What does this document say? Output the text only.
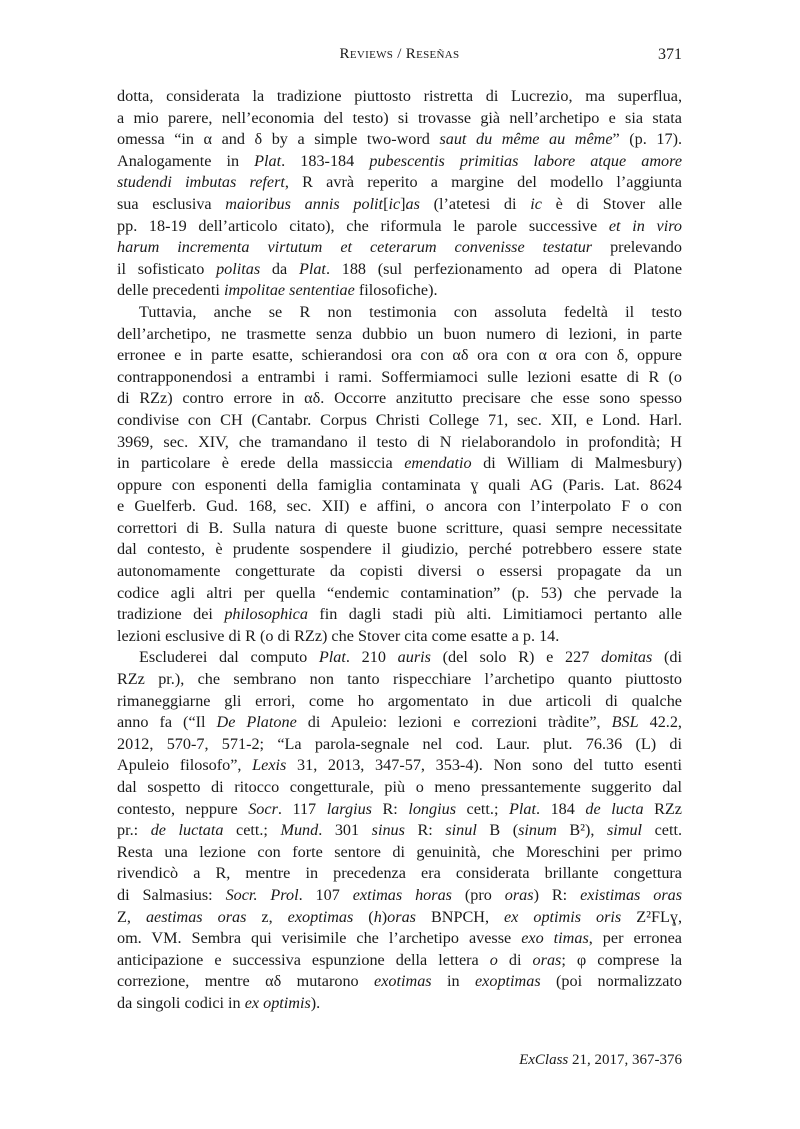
Reviews / Reseñas	371
dotta, considerata la tradizione piuttosto ristretta di Lucrezio, ma superflua,
a mio parere, nell’economia del testo) si trovasse già nell’archetipo e sia stata
omessa “in α and δ by a simple two-word saut du même au même” (p. 17).
Analogamente in Plat. 183-184 pubescentis primitias labore atque amore
studendi imbutas refert, R avrà reperito a margine del modello l’aggiunta
sua esclusiva maioribus annis polit[ic]as (l’atetesi di ic è di Stover alle
pp. 18-19 dell’articolo citato), che riformula le parole successive et in viro
harum incrementa virtutum et ceterarum convenisse testatur prelevando
il sofisticato politas da Plat. 188 (sul perfezionamento ad opera di Platone
delle precedenti impolitae sententiae filosofiche).
Tuttavia, anche se R non testimonia con assoluta fedeltà il testo
dell’archetipo, ne trasmette senza dubbio un buon numero di lezioni, in parte
erronee e in parte esatte, schierandosi ora con αδ ora con α ora con δ, oppure
contrapponendosi a entrambi i rami. Soffermiamoci sulle lezioni esatte di R (o
di RZz) contro errore in αδ. Occorre anzitutto precisare che esse sono spesso
condivise con CH (Cantabr. Corpus Christi College 71, sec. XII, e Lond. Harl.
3969, sec. XIV, che tramandano il testo di N rielaborandolo in profondità; H
in particolare è erede della massiccia emendatio di William di Malmesbury)
oppure con esponenti della famiglia contaminata ɣ quali AG (Paris. Lat. 8624
e Guelferb. Gud. 168, sec. XII) e affini, o ancora con l’interpolato F o con
correttori di B. Sulla natura di queste buone scritture, quasi sempre necessitate
dal contesto, è prudente sospendere il giudizio, perché potrebbero essere state
autonomamente congetturate da copisti diversi o essersi propagate da un
codice agli altri per quella “endemic contamination” (p. 53) che pervade la
tradizione dei philosophica fin dagli stadi più alti. Limitiamoci pertanto alle
lezioni esclusive di R (o di RZz) che Stover cita come esatte a p. 14.
Escluderei dal computo Plat. 210 auris (del solo R) e 227 domitas (di
RZz pr.), che sembrano non tanto rispecchiare l’archetipo quanto piuttosto
rimaneggiarne gli errori, come ho argomentato in due articoli di qualche
anno fa (“Il De Platone di Apuleio: lezioni e correzioni tràdite”, BSL 42.2,
2012, 570-7, 571-2; “La parola-segnale nel cod. Laur. plut. 76.36 (L) di
Apuleio filosofo”, Lexis 31, 2013, 347-57, 353-4). Non sono del tutto esenti
dal sospetto di ritocco congetturale, più o meno pressantemente suggerito dal
contesto, neppure Socr. 117 largius R: longius cett.; Plat. 184 de lucta RZz
pr.: de luctata cett.; Mund. 301 sinus R: sinul B (sinum B²), simul cett.
Resta una lezione con forte sentore di genuinità, che Moreschini per primo
rivendicò a R, mentre in precedenza era considerata brillante congettura
di Salmasius: Socr. Prol. 107 extimas horas (pro oras) R: existimas oras
Z, aestimas oras z, exoptimas (h)oras BNPCH, ex optimis oris Z²FLɣ,
om. VM. Sembra qui verisimile che l’archetipo avesse exo timas, per erronea
anticipazione e successiva espunzione della lettera o di oras; φ comprese la
correzione, mentre αδ mutarono exotimas in exoptimas (poi normalizzato
da singoli codici in ex optimis).
ExClass 21, 2017, 367-376
